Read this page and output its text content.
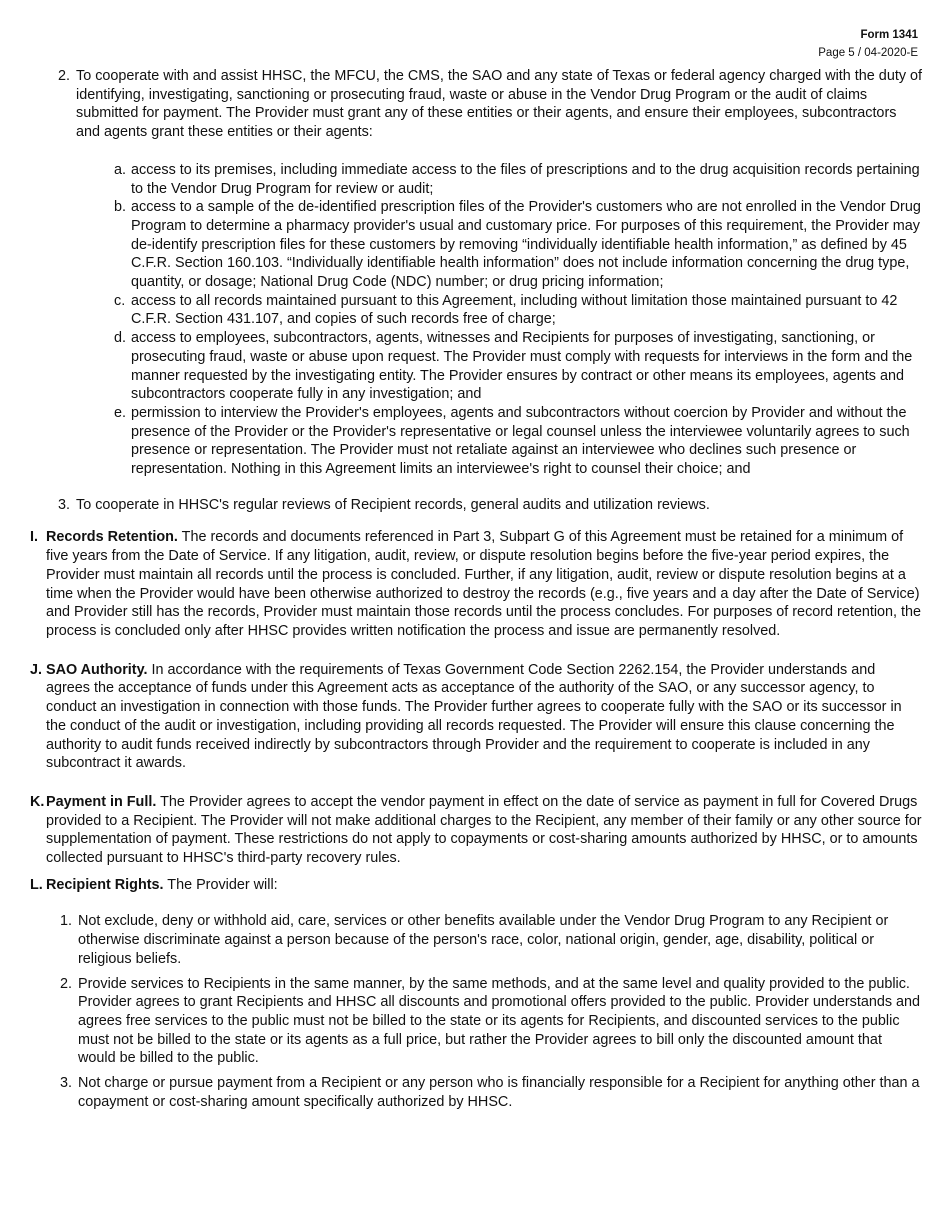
Form 1341
Page 5 / 04-2020-E
2. To cooperate with and assist HHSC, the MFCU, the CMS, the SAO and any state of Texas or federal agency charged with the duty of identifying, investigating, sanctioning or prosecuting fraud, waste or abuse in the Vendor Drug Program or the audit of claims submitted for payment. The Provider must grant any of these entities or their agents, and ensure their employees, subcontractors and agents grant these entities or their agents:
a. access to its premises, including immediate access to the files of prescriptions and to the drug acquisition records pertaining to the Vendor Drug Program for review or audit;
b. access to a sample of the de-identified prescription files of the Provider's customers who are not enrolled in the Vendor Drug Program to determine a pharmacy provider's usual and customary price. For purposes of this requirement, the Provider may de-identify prescription files for these customers by removing “individually identifiable health information,” as defined by 45 C.F.R. Section 160.103. “Individually identifiable health information” does not include information concerning the drug type, quantity, or dosage; National Drug Code (NDC) number; or drug pricing information;
c. access to all records maintained pursuant to this Agreement, including without limitation those maintained pursuant to 42 C.F.R. Section 431.107, and copies of such records free of charge;
d. access to employees, subcontractors, agents, witnesses and Recipients for purposes of investigating, sanctioning, or prosecuting fraud, waste or abuse upon request. The Provider must comply with requests for interviews in the form and the manner requested by the investigating entity. The Provider ensures by contract or other means its employees, agents and subcontractors cooperate fully in any investigation; and
e. permission to interview the Provider's employees, agents and subcontractors without coercion by Provider and without the presence of the Provider or the Provider's representative or legal counsel unless the interviewee voluntarily agrees to such presence or representation. The Provider must not retaliate against an interviewee who declines such presence or representation. Nothing in this Agreement limits an interviewee's right to counsel their choice; and
3. To cooperate in HHSC's regular reviews of Recipient records, general audits and utilization reviews.
I. Records Retention. The records and documents referenced in Part 3, Subpart G of this Agreement must be retained for a minimum of five years from the Date of Service. If any litigation, audit, review, or dispute resolution begins before the five-year period expires, the Provider must maintain all records until the process is concluded. Further, if any litigation, audit, review or dispute resolution begins at a time when the Provider would have been otherwise authorized to destroy the records (e.g., five years and a day after the Date of Service) and Provider still has the records, Provider must maintain those records until the process concludes. For purposes of record retention, the process is concluded only after HHSC provides written notification the process and issue are permanently resolved.
J. SAO Authority. In accordance with the requirements of Texas Government Code Section 2262.154, the Provider understands and agrees the acceptance of funds under this Agreement acts as acceptance of the authority of the SAO, or any successor agency, to conduct an investigation in connection with those funds. The Provider further agrees to cooperate fully with the SAO or its successor in the conduct of the audit or investigation, including providing all records requested. The Provider will ensure this clause concerning the authority to audit funds received indirectly by subcontractors through Provider and the requirement to cooperate is included in any subcontract it awards.
K. Payment in Full. The Provider agrees to accept the vendor payment in effect on the date of service as payment in full for Covered Drugs provided to a Recipient. The Provider will not make additional charges to the Recipient, any member of their family or any other source for supplementation of payment. These restrictions do not apply to copayments or cost-sharing amounts authorized by HHSC, or to amounts collected pursuant to HHSC's third-party recovery rules.
L. Recipient Rights. The Provider will:
1. Not exclude, deny or withhold aid, care, services or other benefits available under the Vendor Drug Program to any Recipient or otherwise discriminate against a person because of the person's race, color, national origin, gender, age, disability, political or religious beliefs.
2. Provide services to Recipients in the same manner, by the same methods, and at the same level and quality provided to the public. Provider agrees to grant Recipients and HHSC all discounts and promotional offers provided to the public. Provider understands and agrees free services to the public must not be billed to the state or its agents for Recipients, and discounted services to the public must not be billed to the state or its agents as a full price, but rather the Provider agrees to bill only the discounted amount that would be billed to the public.
3. Not charge or pursue payment from a Recipient or any person who is financially responsible for a Recipient for anything other than a copayment or cost-sharing amount specifically authorized by HHSC.
